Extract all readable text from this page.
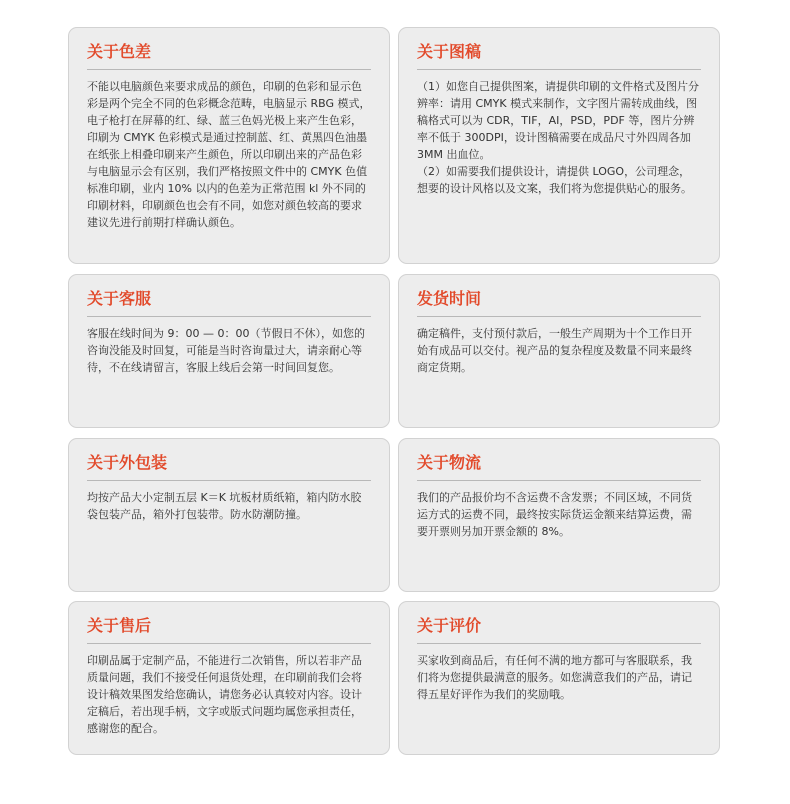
关于色差

不能以电脑颜色来要求成品的颜色，印刷的色彩和显示色彩是两个完全不同的色彩概念范畴，电脑显示 RBG 模式，电子枪打在屏幕的红、绿、蓝三色妈光极上来产生色彩，印刷为 CMYK 色彩模式是通过控制蓝、红、黄黑四色油墨在纸张上相叠印刷来产生颜色，所以印刷出来的产品色彩与电脑显示会有区别，我们严格按照文件中的 CMYK 色值标准印刷，业内 10% 以内的色差为正常范围 kl 外不同的印刷材料，印刷颜色也会有不同，如您对颜色较高的要求建议先进行前期打样确认颜色。

关于图稿

（1）如您自己提供图案，请提供印刷的文件格式及图片分辨率：请用 CMYK 模式来制作，文字图片需转成曲线，图稿格式可以为 CDR，TIF，AI，PSD，PDF 等，图片分辨率不低于 300DPI，设计图稿需要在成品尺寸外四周各加 3MM 出血位。
（2）如需要我们提供设计，请提供 LOGO，公司理念，想要的设计风格以及文案，我们将为您提供贴心的服务。

关于客服

客服在线时间为 9：00 — 0：00（节假日不休），如您的咨询没能及时回复，可能是当时咨询量过大，请亲耐心等待，不在线请留言，客服上线后会第一时间回复您。

发货时间

确定稿件，支付预付款后，一般生产周期为十个工作日开始有成品可以交付。视产品的复杂程度及数量不同来最终商定货期。

关于外包装

均按产品大小定制五层 K＝K 坑板材质纸箱，箱内防水胶袋包装产品，箱外打包装带。防水防潮防撞。

关于物流

我们的产品报价均不含运费不含发票；不同区域，不同货运方式的运费不同，最终按实际货运金额来结算运费，需要开票则另加开票金额的 8%。

关于售后

印刷品属于定制产品，不能进行二次销售，所以若非产品质量问题，我们不接受任何退货处理，在印刷前我们会将设计稿效果图发给您确认，请您务必认真较对内容。设计定稿后，若出现手柄，文字或版式问题均属您承担责任，感谢您的配合。

关于评价

买家收到商品后，有任何不满的地方都可与客服联系，我们将为您提供最满意的服务。如您满意我们的产品，请记得五星好评作为我们的奖励哦。
